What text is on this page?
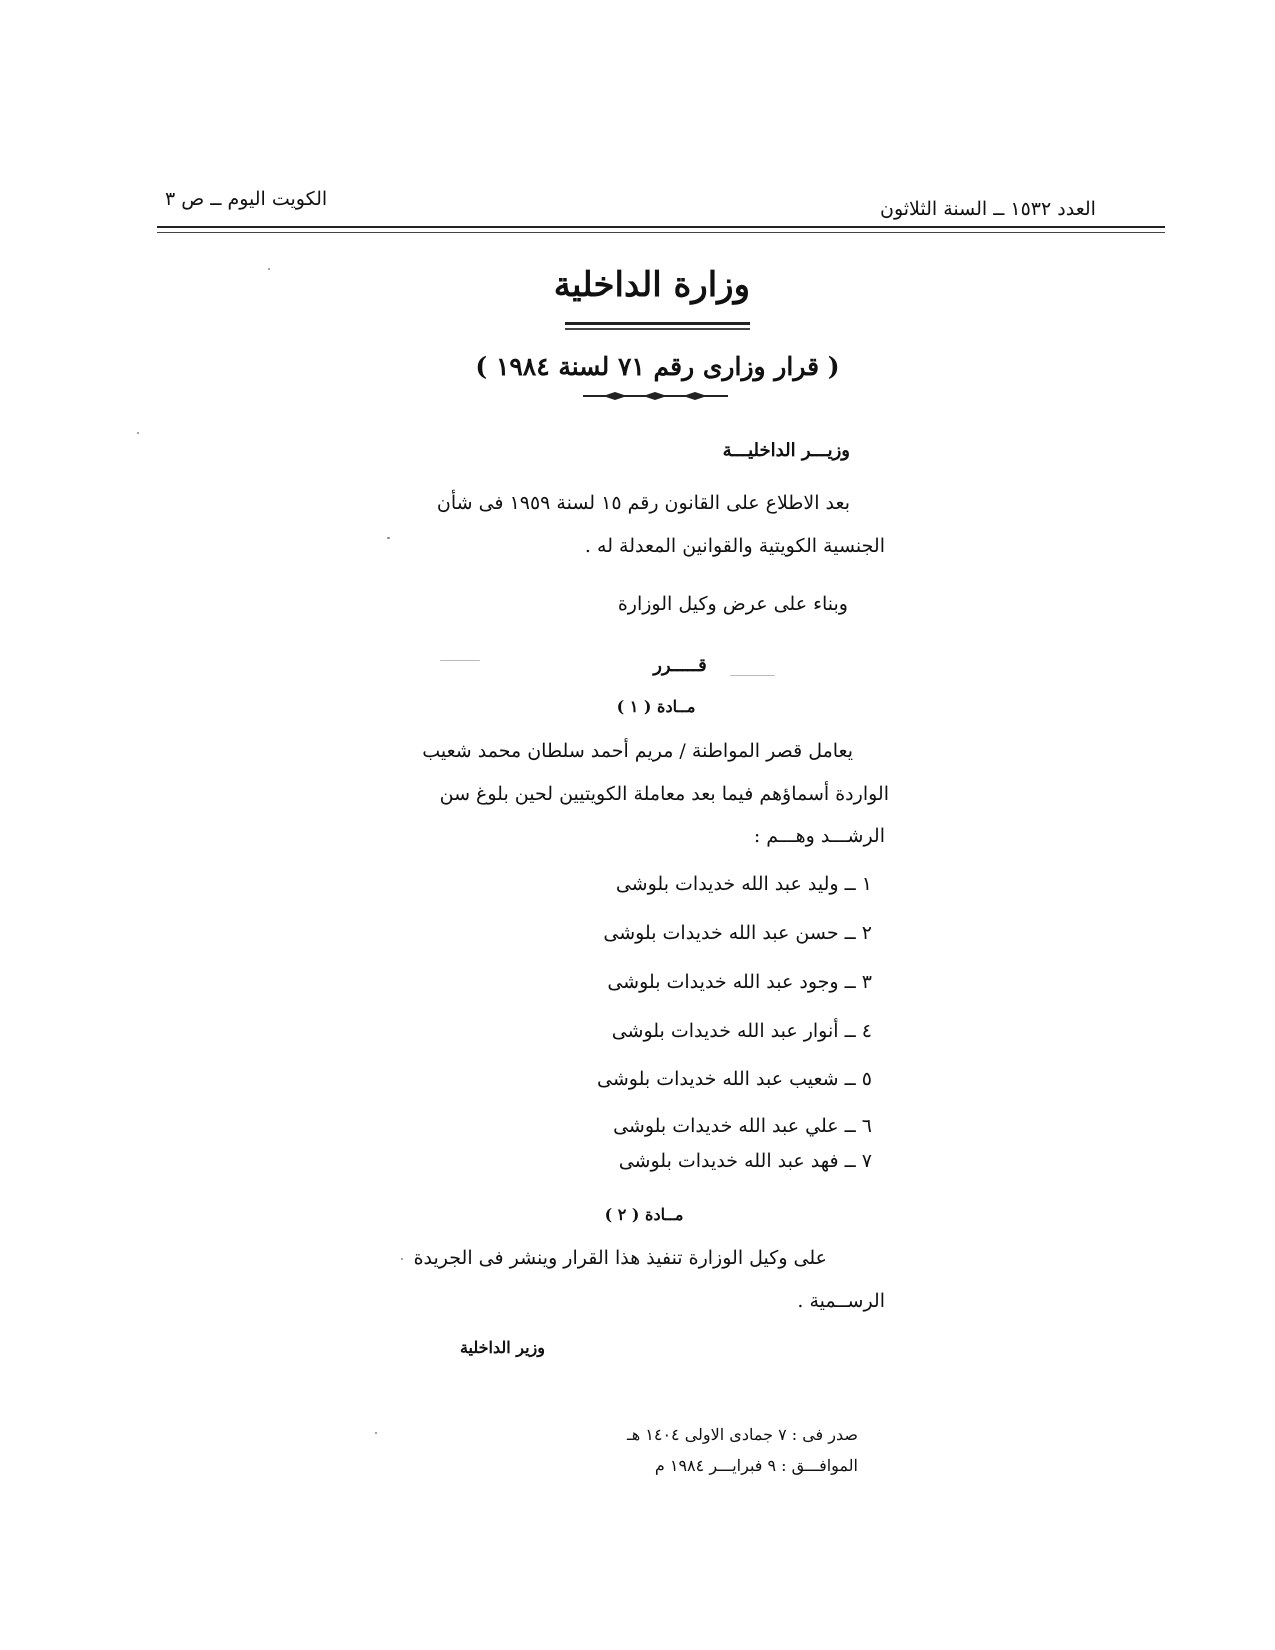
الكويت اليوم ــ ص ٣	العدد ١٥٣٢ ــ السنة الثلاثون
وزارة الداخلية
( قرار وزارى رقم ٧١ لسنة ١٩٨٤ )
وزيـــر الداخليـــة
بعد الاطلاع على القانون رقم ١٥ لسنة ١٩٥٩ فى شأن
الجنسية الكويتية والقوانين المعدلة له .
وبناء على عرض وكيل الوزارة
قـــــرر
مــادة ( ١ )
يعامل قصر المواطنة / مريم أحمد سلطان محمد شعيب
الواردة أسماؤهم فيما بعد معاملة الكويتيين لحين بلوغ سن
الرشـــد وهـــم :
١ ــ وليد عبد الله خديدات بلوشى
٢ ــ حسن عبد الله خديدات بلوشى
٣ ــ وجود عبد الله خديدات بلوشى
٤ ــ أنوار عبد الله خديدات بلوشى
٥ ــ شعيب عبد الله خديدات بلوشى
٦ ــ علي عبد الله خديدات بلوشى
٧ ــ فهد عبد الله خديدات بلوشى
مــادة ( ٢ )
على وكيل الوزارة تنفيذ هذا القرار وينشر فى الجريدة
الرســمية .
وزير الداخلية
صدر فى : ٧ جمادى الاولى ١٤٠٤ هـ
الموافـــق : ٩ فبرايـــر ١٩٨٤ م
